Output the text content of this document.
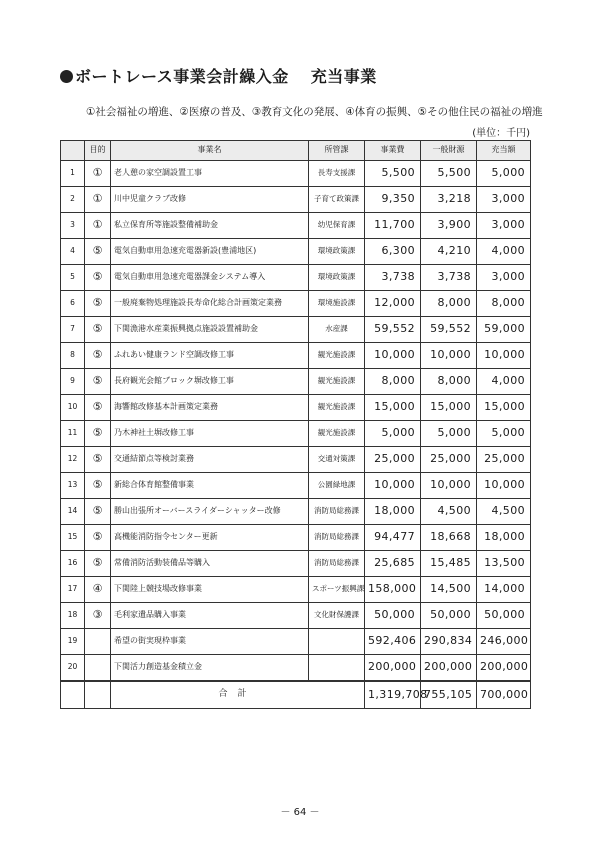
ボートレース事業会計繰入金 充当事業
①社会福祉の増進、②医療の普及、③教育文化の発展、④体育の振興、⑤その他住民の福祉の増進
(単位：千円)
	目的	事業名	所管課	事業費	一般財源	充当額
1	①	老人憩の家空調設置工事	長寿支援課	5,500	5,500	5,000
2	①	川中児童クラブ改修	子育て政策課	9,350	3,218	3,000
3	①	私立保育所等施設整備補助金	幼児保育課	11,700	3,900	3,000
4	⑤	電気自動車用急速充電器新設(豊浦地区)	環境政策課	6,300	4,210	4,000
5	⑤	電気自動車用急速充電器課金システム導入	環境政策課	3,738	3,738	3,000
6	⑤	一般廃棄物処理施設長寿命化総合計画策定業務	環境施設課	12,000	8,000	8,000
7	⑤	下関漁港水産業振興拠点施設設置補助金	水産課	59,552	59,552	59,000
8	⑤	ふれあい健康ランド空調改修工事	観光施設課	10,000	10,000	10,000
9	⑤	長府観光会館ブロック塀改修工事	観光施設課	8,000	8,000	4,000
10	⑤	海響館改修基本計画策定業務	観光施設課	15,000	15,000	15,000
11	⑤	乃木神社土塀改修工事	観光施設課	5,000	5,000	5,000
12	⑤	交通結節点等検討業務	交通対策課	25,000	25,000	25,000
13	⑤	新総合体育館整備事業	公園緑地課	10,000	10,000	10,000
14	⑤	勝山出張所オーバースライダーシャッター改修	消防局総務課	18,000	4,500	4,500
15	⑤	高機能消防指令センター更新	消防局総務課	94,477	18,668	18,000
16	⑤	常備消防活動装備品等購入	消防局総務課	25,685	15,485	13,500
17	④	下関陸上競技場改修事業	スポーツ振興課	158,000	14,500	14,000
18	③	毛利家遺品購入事業	文化財保護課	50,000	50,000	50,000
19		希望の街実現枠事業		592,406	290,834	246,000
20		下関活力創造基金積立金		200,000	200,000	200,000
		合計		1,319,708	755,105	700,000
－ 64 －
